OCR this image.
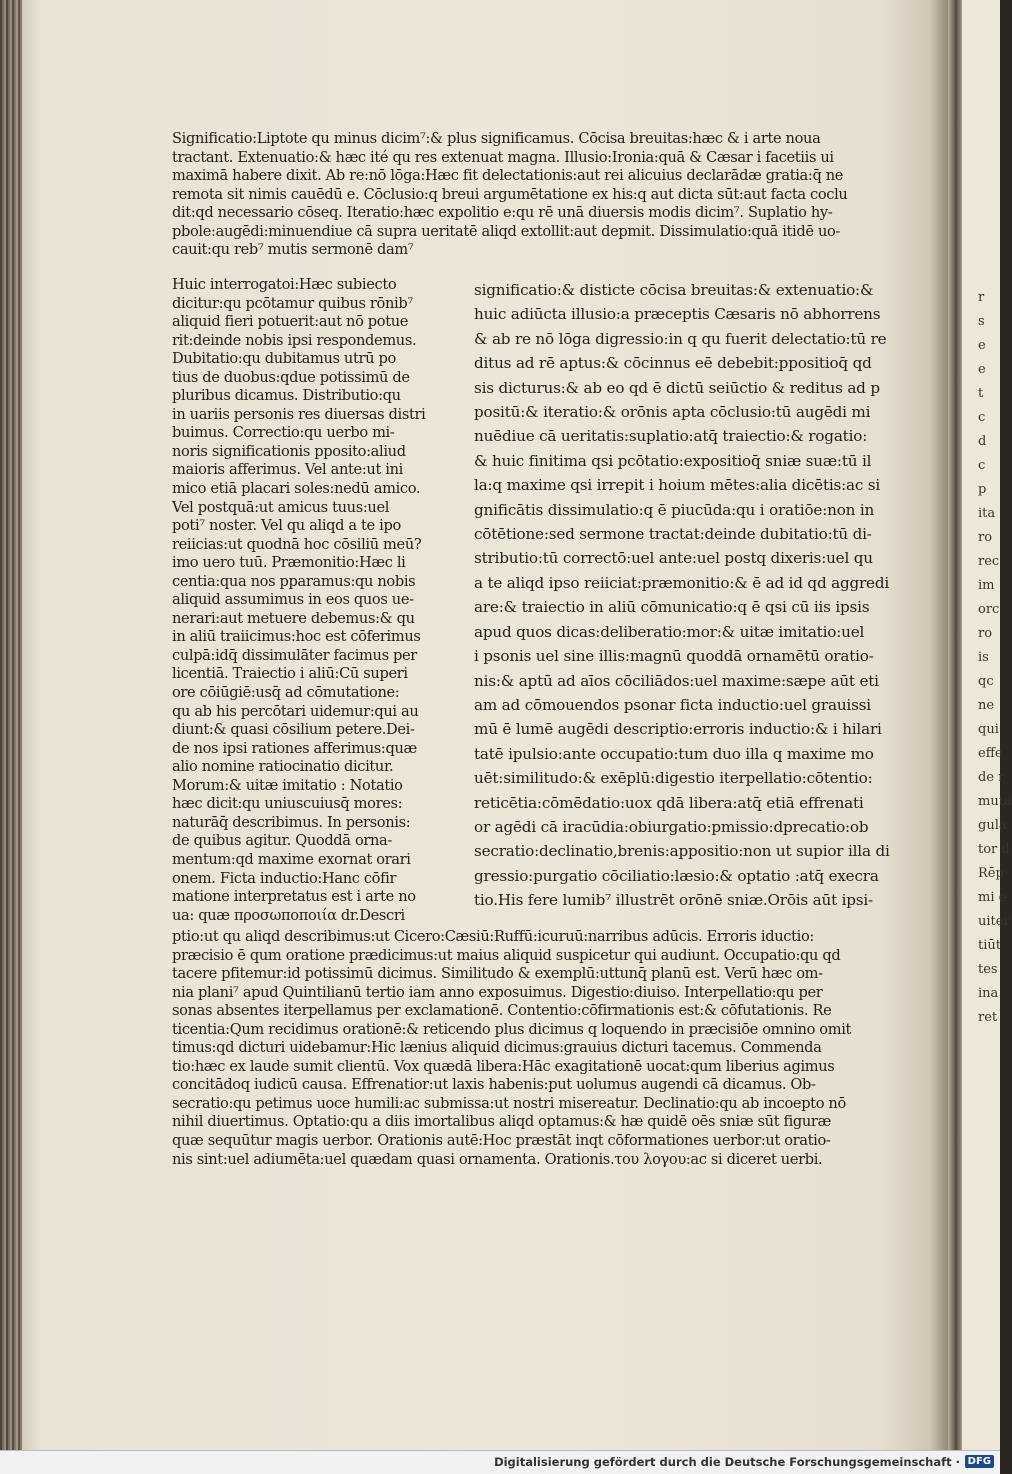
r
s
e
e
t
c
d
c
p
ita
ro
rec
im
orc
ro
is
qc
ne
qui
effe
de r
muta
gula
tor d
Rēp
mi e
uiter
tiūt
tes
ina
ret
Significatio:Liptote qu minus dicim⁷:& plus significamus. Cōcisa breuitas:hæc & i arte noua
tractant. Extenuatio:& hæc ité qu res extenuat magna. Illusio:Ironia:quā & Cæsar i facetiis ui
maximā habere dixit. Ab re:nō lōga:Hæc fit delectationis:aut rei alicuius declarādæ gratia:q̄ ne
remota sit nimis cauēdū e. Cōclusio:q breui argumētatione ex his:q aut dicta sūt:aut facta coclu
dit:qd necessario cōseq. Iteratio:hæc expolitio e:qu rē unā diuersis modis dicim⁷. Suplatio hy-
pbole:augēdi:minuendiue cā supra ueritatē aliqd extollit:aut depmit. Dissimulatio:quā itidē uo-
cauit:qu reb⁷ mutis sermonē dam⁷
Huic interrogatoi:Hæc subiecto
dicitur:qu pcōtamur quibus rōnib⁷
aliquid fieri potuerit:aut nō potue
rit:deinde nobis ipsi respondemus.
Dubitatio:qu dubitamus utrū po
tius de duobus:qdue potissimū de
pluribus dicamus. Distributio:qu
in uariis personis res diuersas distri
buimus. Correctio:qu uerbo mi-
noris significationis pposito:aliud
maioris afferimus. Vel ante:ut ini
mico etiā placari soles:nedū amico.
Vel postquā:ut amicus tuus:uel
poti⁷ noster. Vel qu aliqd a te ipo
reiicias:ut quodnā hoc cōsiliū meū?
imo uero tuū. Præmonitio:Hæc li
centia:qua nos pparamus:qu nobis
aliquid assumimus in eos quos ue-
nerari:aut metuere debemus:& qu
in aliū traiicimus:hoc est cōferimus
culpā:idq̄ dissimulāter facimus per
licentiā. Traiectio i aliū:Cū superi
ore cōiūgiē:usq̄ ad cōmutatione:
qu ab his percōtari uidemur:qui au
diunt:& quasi cōsilium petere.Dei-
de nos ipsi rationes afferimus:quæ
alio nomine ratiocinatio dicitur.
Morum:& uitæ imitatio : Notatio
hæc dicit:qu uniuscuiusq̄ mores:
naturāq̄ describimus. In personis:
de quibus agitur. Quoddā orna-
mentum:qd maxime exornat orari
onem. Ficta inductio:Hanc cōfir
matione interpretatus est i arte no
ua: quæ προσωποποιία dr.Descri
significatio:& disticte cōcisa breuitas:& extenuatio:&
huic adiūcta illusio:a præceptis Cæsaris nō abhorrens
& ab re nō lōga digressio:in q qu fuerit delectatio:tū re
ditus ad rē aptus:& cōcinnus eē debebit:ppositioq̄ qd
sis dicturus:& ab eo qd ē dictū seiūctio & reditus ad p
positū:& iteratio:& orōnis apta cōclusio:tū augēdi mi
nuēdiue cā ueritatis:suplatio:atq̄ traiectio:& rogatio:
& huic finitima qsi pcōtatio:expositioq̄ sniæ suæ:tū il
la:q maxime qsi irrepit i hoium mētes:alia dicētis:ac si
gnificātis dissimulatio:q ē piucūda:qu i oratiōe:non in
cōtētione:sed sermone tractat:deinde dubitatio:tū di-
stributio:tū correctō:uel ante:uel postq dixeris:uel qu
a te aliqd ipso reiiciat:præmonitio:& ē ad id qd aggredi
are:& traiectio in aliū cōmunicatio:q ē qsi cū iis ipsis
apud quos dicas:deliberatio:mor:& uitæ imitatio:uel
i psonis uel sine illis:magnū quoddā ornamētū oratio-
nis:& aptū ad aīos cōciliādos:uel maxime:sæpe aūt eti
am ad cōmouendos psonar ficta inductio:uel grauissi
mū ē lumē augēdi descriptio:erroris inductio:& i hilari
tatē ipulsio:ante occupatio:tum duo illa q maxime mo
uēt:similitudo:& exēplū:digestio iterpellatio:cōtentio:
reticētia:cōmēdatio:uox qdā libera:atq̄ etiā effrenati
or agēdi cā iracūdia:obiurgatio:pmissio:dprecatio:ob
secratio:declinatio,brenis:appositio:non ut supior illa di
gressio:purgatio cōciliatio:læsio:& optatio :atq̄ execra
tio.His fere lumib⁷ illustrēt orōnē sniæ.Orōis aūt ipsi-
ptio:ut qu aliqd describimus:ut Cicero:Cæsiū:Ruffū:icuruū:narribus adūcis. Erroris iductio:
præcisio ē qum oratione prædicimus:ut maius aliquid suspicetur qui audiunt. Occupatio:qu qd
tacere pfitemur:id potissimū dicimus. Similitudo & exemplū:uttunq̄ planū est. Verū hæc om-
nia plani⁷ apud Quintilianū tertio iam anno exposuimus. Digestio:diuiso. Interpellatio:qu per
sonas absentes iterpellamus per exclamationē. Contentio:cōfirmationis est:& cōfutationis. Re
ticentia:Qum recidimus orationē:& reticendo plus dicimus q loquendo in præcisiōe omnino omit
timus:qd dicturi uidebamur:Hic lænius aliquid dicimus:grauius dicturi tacemus. Commenda
tio:hæc ex laude sumit clientū. Vox quædā libera:Hāc exagitationē uocat:qum liberius agimus
concitādoq iudicū causa. Effrenatior:ut laxis habenis:put uolumus augendi cā dicamus. Ob-
secratio:qu petimus uoce humili:ac submissa:ut nostri misereatur. Declinatio:qu ab incoepto nō
nihil diuertimus. Optatio:qu a diis imortalibus aliqd optamus:& hæ quidē oēs sniæ sūt figuræ
quæ sequūtur magis uerbor. Orationis autē:Hoc præstāt inqt cōformationes uerbor:ut oratio-
nis sint:uel adiumēta:uel quædam quasi ornamenta. Orationis.του λογου:ac si diceret uerbi.
Digitalisierung gefördert durch die Deutsche Forschungsgemeinschaft · DFG
